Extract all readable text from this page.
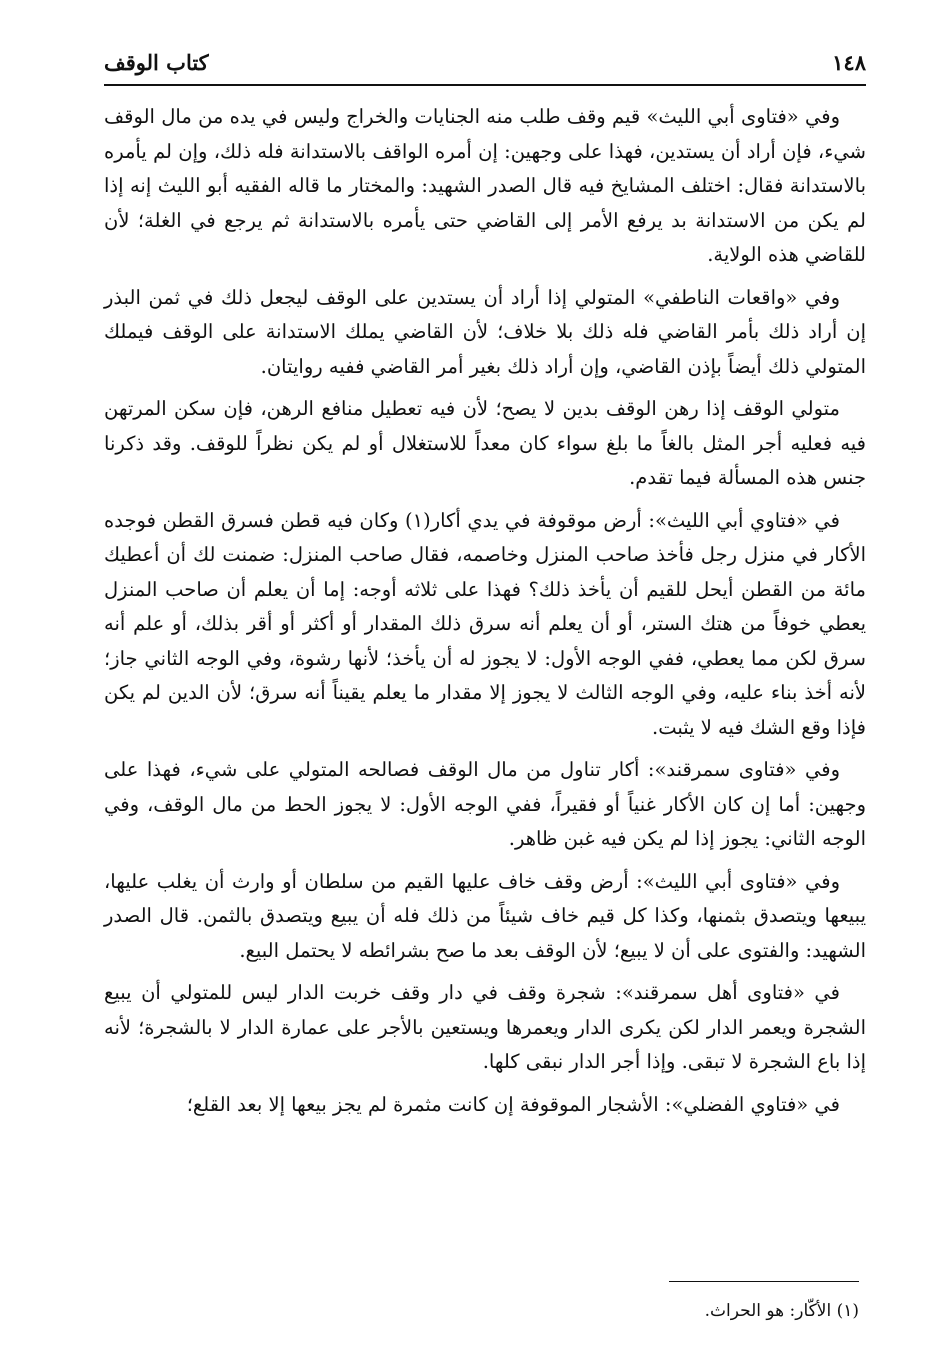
١٤٨
كتاب الوقف

وفي «فتاوى أبي الليث» قيم وقف طلب منه الجنايات والخراج وليس في يده من مال الوقف شيء، فإن أراد أن يستدين، فهذا على وجهين: إن أمره الواقف بالاستدانة فله ذلك، وإن لم يأمره بالاستدانة فقال: اختلف المشايخ فيه قال الصدر الشهيد: والمختار ما قاله الفقيه أبو الليث إنه إذا لم يكن من الاستدانة بد يرفع الأمر إلى القاضي حتى يأمره بالاستدانة ثم يرجع في الغلة؛ لأن للقاضي هذه الولاية.

وفي «واقعات الناطفي» المتولي إذا أراد أن يستدين على الوقف ليجعل ذلك في ثمن البذر إن أراد ذلك بأمر القاضي فله ذلك بلا خلاف؛ لأن القاضي يملك الاستدانة على الوقف فيملك المتولي ذلك أيضاً بإذن القاضي، وإن أراد ذلك بغير أمر القاضي ففيه روايتان.

متولي الوقف إذا رهن الوقف بدين لا يصح؛ لأن فيه تعطيل منافع الرهن، فإن سكن المرتهن فيه فعليه أجر المثل بالغاً ما بلغ سواء كان معداً للاستغلال أو لم يكن نظراً للوقف. وقد ذكرنا جنس هذه المسألة فيما تقدم.

في «فتاوي أبي الليث»: أرض موقوفة في يدي أكار(١) وكان فيه قطن فسرق القطن فوجده الأكار في منزل رجل فأخذ صاحب المنزل وخاصمه، فقال صاحب المنزل: ضمنت لك أن أعطيك مائة من القطن أيحل للقيم أن يأخذ ذلك؟ فهذا على ثلاثه أوجه: إما أن يعلم أن صاحب المنزل يعطي خوفاً من هتك الستر، أو أن يعلم أنه سرق ذلك المقدار أو أكثر أو أقر بذلك، أو علم أنه سرق لكن مما يعطي، ففي الوجه الأول: لا يجوز له أن يأخذ؛ لأنها رشوة، وفي الوجه الثاني جاز؛ لأنه أخذ بناء عليه، وفي الوجه الثالث لا يجوز إلا مقدار ما يعلم يقيناً أنه سرق؛ لأن الدين لم يكن فإذا وقع الشك فيه لا يثبت.

وفي «فتاوى سمرقند»: أكار تناول من مال الوقف فصالحه المتولي على شيء، فهذا على وجهين: أما إن كان الأكار غنياً أو فقيراً، ففي الوجه الأول: لا يجوز الحط من مال الوقف، وفي الوجه الثاني: يجوز إذا لم يكن فيه غبن ظاهر.

وفي «فتاوى أبي الليث»: أرض وقف خاف عليها القيم من سلطان أو وارث أن يغلب عليها، يبيعها ويتصدق بثمنها، وكذا كل قيم خاف شيئاً من ذلك فله أن يبيع ويتصدق بالثمن. قال الصدر الشهيد: والفتوى على أن لا يبيع؛ لأن الوقف بعد ما صح بشرائطه لا يحتمل البيع.

في «فتاوى أهل سمرقند»: شجرة وقف في دار وقف خربت الدار ليس للمتولي أن يبيع الشجرة ويعمر الدار لكن يكرى الدار ويعمرها ويستعين بالأجر على عمارة الدار لا بالشجرة؛ لأنه إذا باع الشجرة لا تبقى. وإذا أجر الدار نبقى كلها.

في «فتاوي الفضلي»: الأشجار الموقوفة إن كانت مثمرة لم يجز بيعها إلا بعد القلع؛

(١) الأكّار: هو الحراث.
